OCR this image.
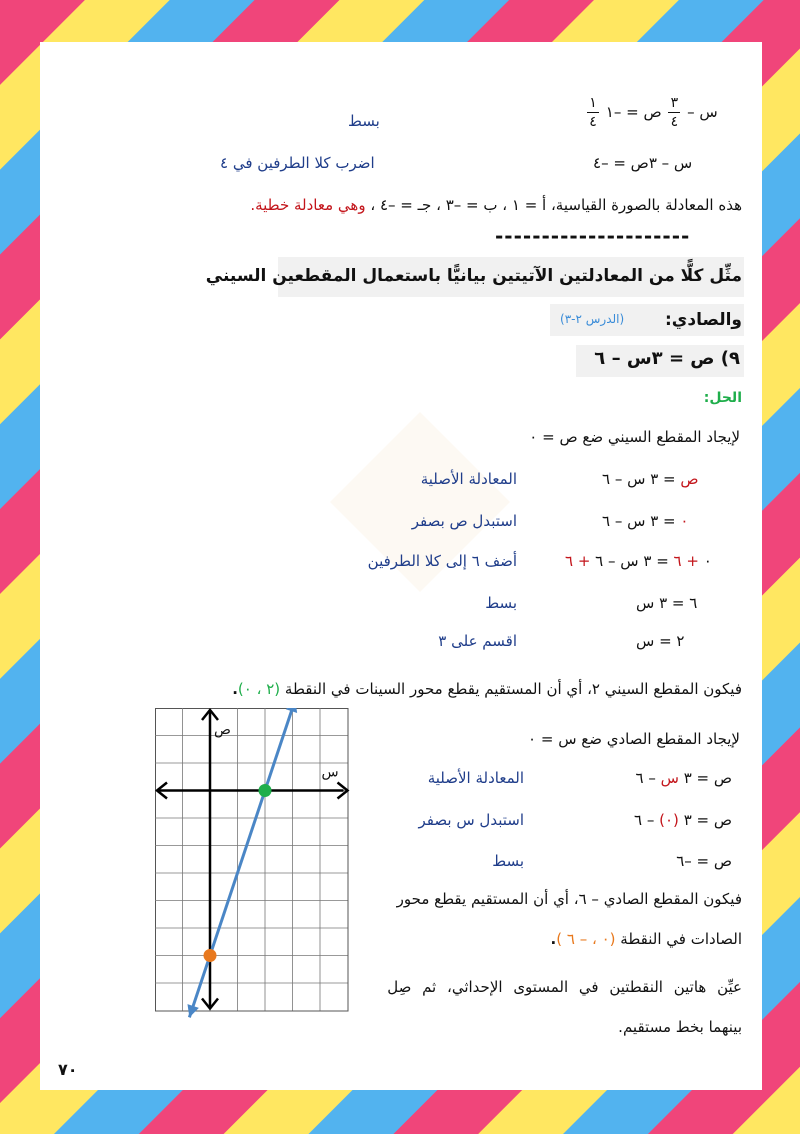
$\frac{١}{٤}$	س –
$\frac{٣}{٤}$
ص = –١
بسط
س – ٣ص = –٤
اضرب كلا الطرفين في ٤
هذه المعادلة بالصورة القياسية، أ = ١ ، ب = –٣ ، جـ = –٤ ، وهي معادلة خطية.
---------------------
مثِّل كلًّا من المعادلتين الآتيتين بيانيًّا باستعمال المقطعين السيني
والصادي:
(الدرس ٢-٣)
٩) ص = ٣س – ٦
الحل:
لإيجاد المقطع السيني ضع ص = ٠
ص = ٣ س – ٦
المعادلة الأصلية
٠ = ٣ س – ٦
استبدل ص بصفر
٠ + ٦ = ٣ س – ٦ + ٦
أضف ٦ إلى كلا الطرفين
٦ = ٣ س
بسط
٢ = س
اقسم على ٣
فيكون المقطع السيني ٢، أي أن المستقيم يقطع محور السينات في النقطة (٢ ، ٠).
س
ص	لإيجاد المقطع الصادي ضع س = ٠
ص = ٣ س – ٦
المعادلة الأصلية
ص = ٣ (٠) – ٦
استبدل س بصفر
ص = –٦
بسط
فيكون المقطع الصادي – ٦، أي أن المستقيم يقطع محور
الصادات في النقطة (٠ ، – ٦ ).
عيِّن هاتين النقطتين في المستوى الإحداثي، ثم صِل
بينهما بخط مستقيم.
٧٠
